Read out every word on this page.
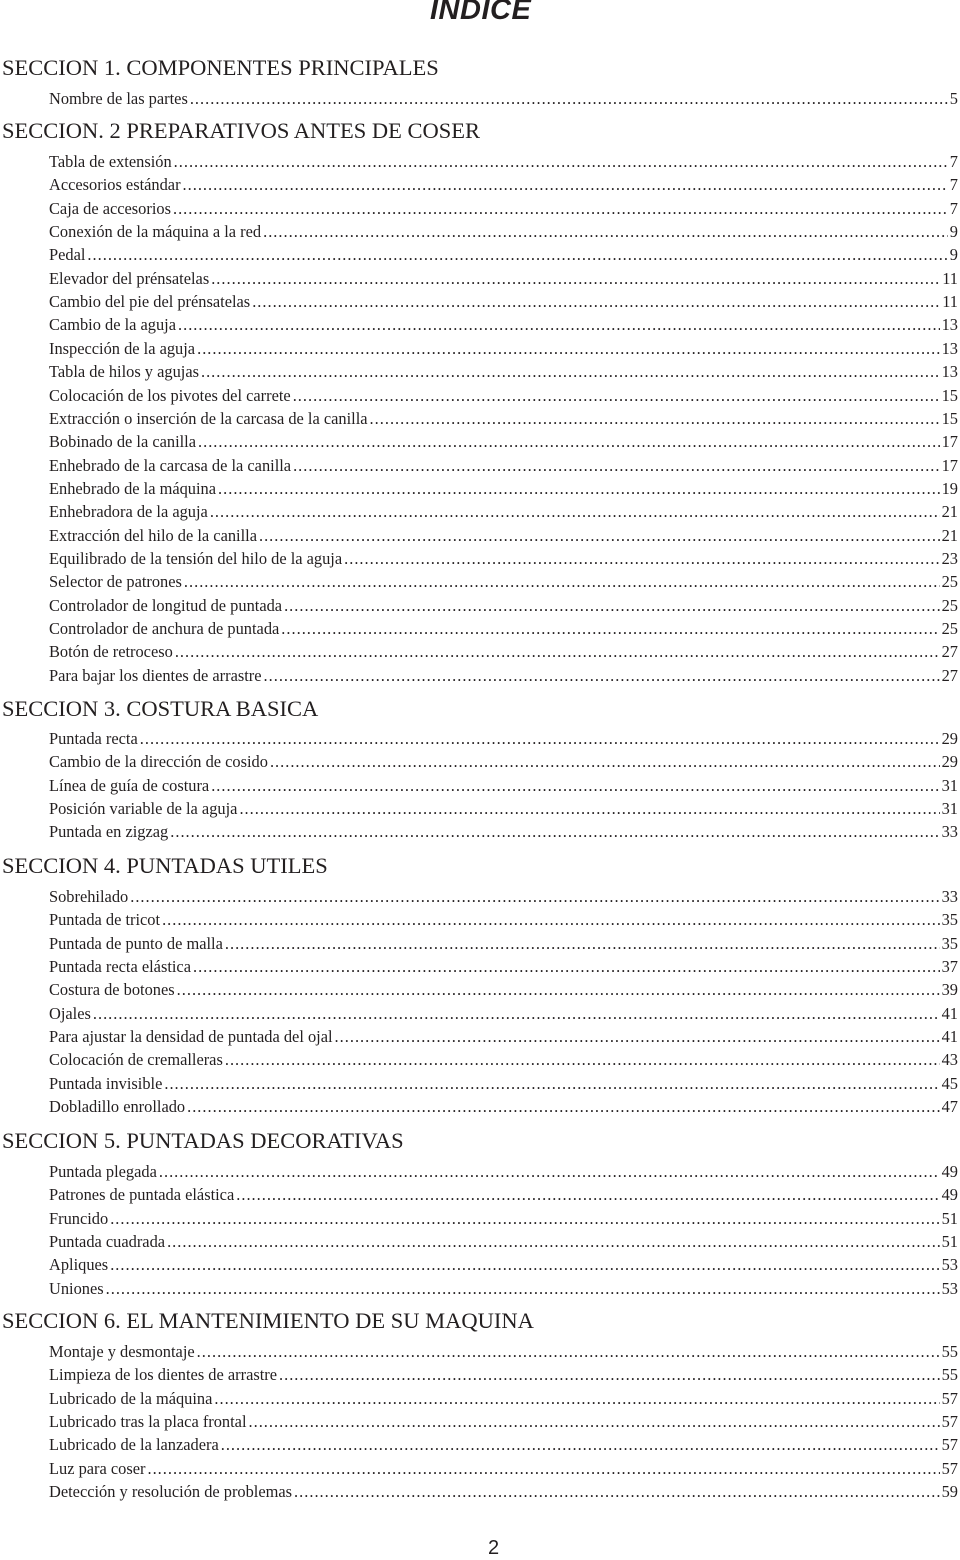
INDICE
SECCION 1. COMPONENTES PRINCIPALES
Nombre de las partes .....	5
SECCION. 2 PREPARATIVOS ANTES DE COSER
Tabla de extensión .....	7
Accesorios estándar .....	7
Caja de accesorios .....	7
Conexión de la máquina a la red .....	9
Pedal .....	9
Elevador del prénsatelas .....	11
Cambio del pie del prénsatelas .....	11
Cambio de la aguja .....	13
Inspección de la aguja .....	13
Tabla de hilos y agujas .....	13
Colocación de los pivotes del carrete .....	15
Extracción o inserción de la carcasa de la canilla .....	15
Bobinado de la canilla .....	17
Enhebrado de la carcasa de la canilla .....	17
Enhebrado de la máquina .....	19
Enhebradora de la aguja .....	21
Extracción del hilo de la canilla .....	21
Equilibrado de la tensión del hilo de la aguja .....	23
Selector de patrones .....	25
Controlador de longitud de puntada .....	25
Controlador de anchura de puntada .....	25
Botón de retroceso .....	27
Para bajar los dientes de arrastre .....	27
SECCION 3. COSTURA BASICA
Puntada recta .....	29
Cambio de la dirección de cosido .....	29
Línea de guía de costura .....	31
Posición variable de la aguja .....	31
Puntada en zigzag .....	33
SECCION 4. PUNTADAS UTILES
Sobrehilado .....	33
Puntada de tricot .....	35
Puntada de punto de malla .....	35
Puntada recta elástica .....	37
Costura de botones .....	39
Ojales .....	41
Para ajustar la densidad de puntada del ojal .....	41
Colocación de cremalleras .....	43
Puntada invisible .....	45
Dobladillo enrollado .....	47
SECCION 5. PUNTADAS DECORATIVAS
Puntada plegada .....	49
Patrones de puntada elástica .....	49
Fruncido .....	51
Puntada cuadrada .....	51
Apliques .....	53
Uniones .....	53
SECCION 6. EL MANTENIMIENTO DE SU MAQUINA
Montaje y desmontaje .....	55
Limpieza de los dientes de arrastre .....	55
Lubricado de la máquina .....	57
Lubricado tras la placa frontal .....	57
Lubricado de la lanzadera .....	57
Luz para coser .....	57
Detección y resolución de problemas .....	59
2
